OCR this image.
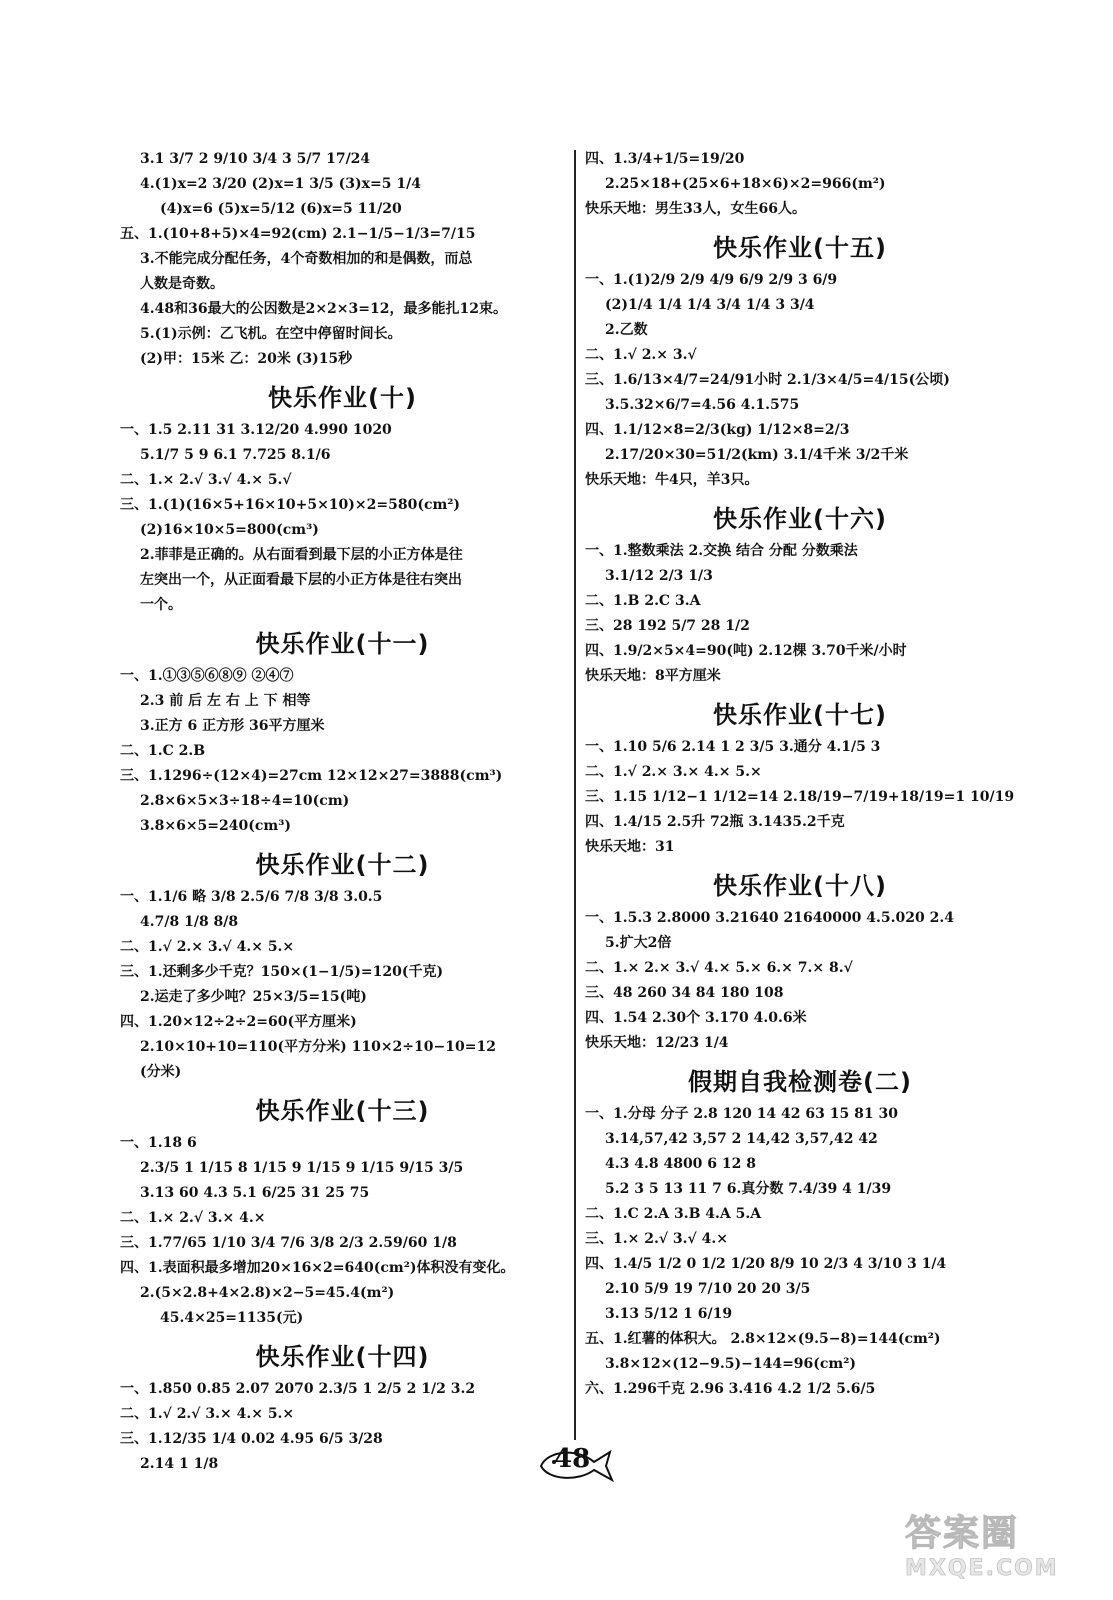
3.1 3/7 2 9/10 3/4 3 5/7 17/24
4.(1)x=2 3/20 (2)x=1 3/5 (3)x=5 1/4
(4)x=6 (5)x=5/12 (6)x=5 11/20
五、1.(10+8+5)×4=92(cm) 2.1−1/5−1/3=7/15
3.不能完成分配任务，4个奇数相加的和是偶数，而总
人数是奇数。
4.48和36最大的公因数是2×2×3=12，最多能扎12束。
5.(1)示例：乙飞机。在空中停留时间长。
(2)甲：15米 乙：20米 (3)15秒
快乐作业(十)
一、1.5 2.11 31 3.12/20 4.990 1020
5.1/7 5 9 6.1 7.725 8.1/6
二、1.× 2.√ 3.√ 4.× 5.√
三、1.(1)(16×5+16×10+5×10)×2=580(cm²)
(2)16×10×5=800(cm³)
2.菲菲是正确的。从右面看到最下层的小正方体是往
左突出一个，从正面看最下层的小正方体是往右突出
一个。
快乐作业(十一)
一、1.①③⑤⑥⑧⑨ ②④⑦
2.3 前 后 左 右 上 下 相等
3.正方 6 正方形 36平方厘米
二、1.C 2.B
三、1.1296÷(12×4)=27cm 12×12×27=3888(cm³)
2.8×6×5×3÷18÷4=10(cm)
3.8×6×5=240(cm³)
快乐作业(十二)
一、1.1/6 略 3/8 2.5/6 7/8 3/8 3.0.5
4.7/8 1/8 8/8
二、1.√ 2.× 3.√ 4.× 5.×
三、1.还剩多少千克？150×(1−1/5)=120(千克)
2.运走了多少吨？25×3/5=15(吨)
四、1.20×12÷2÷2=60(平方厘米)
2.10×10+10=110(平方分米) 110×2÷10−10=12
(分米)
快乐作业(十三)
一、1.18 6
2.3/5 1 1/15 8 1/15 9 1/15 9 1/15 9/15 3/5
3.13 60 4.3 5.1 6/25 31 25 75
二、1.× 2.√ 3.× 4.×
三、1.77/65 1/10 3/4 7/6 3/8 2/3 2.59/60 1/8
四、1.表面积最多增加20×16×2=640(cm²)体积没有变化。
2.(5×2.8+4×2.8)×2−5=45.4(m²)
45.4×25=1135(元)
快乐作业(十四)
一、1.850 0.85 2.07 2070 2.3/5 1 2/5 2 1/2 3.2
二、1.√ 2.√ 3.× 4.× 5.×
三、1.12/35 1/4 0.02 4.95 6/5 3/28
2.14 1 1/8
四、1.3/4+1/5=19/20
2.25×18+(25×6+18×6)×2=966(m²)
快乐天地：男生33人，女生66人。
快乐作业(十五)
一、1.(1)2/9 2/9 4/9 6/9 2/9 3 6/9
(2)1/4 1/4 1/4 3/4 1/4 3 3/4
2.乙数
二、1.√ 2.× 3.√
三、1.6/13×4/7=24/91小时 2.1/3×4/5=4/15(公顷)
3.5.32×6/7=4.56 4.1.575
四、1.1/12×8=2/3(kg) 1/12×8=2/3
2.17/20×30=51/2(km) 3.1/4千米 3/2千米
快乐天地：牛4只，羊3只。
快乐作业(十六)
一、1.整数乘法 2.交换 结合 分配 分数乘法
3.1/12 2/3 1/3
二、1.B 2.C 3.A
三、28 192 5/7 28 1/2
四、1.9/2×5×4=90(吨) 2.12棵 3.70千米/小时
快乐天地：8平方厘米
快乐作业(十七)
一、1.10 5/6 2.14 1 2 3/5 3.通分 4.1/5 3
二、1.√ 2.× 3.× 4.× 5.×
三、1.15 1/12−1 1/12=14 2.18/19−7/19+18/19=1 10/19
四、1.4/15 2.5升 72瓶 3.1435.2千克
快乐天地：31
快乐作业(十八)
一、1.5.3 2.8000 3.21640 21640000 4.5.020 2.4
5.扩大2倍
二、1.× 2.× 3.√ 4.× 5.× 6.× 7.× 8.√
三、48 260 34 84 180 108
四、1.54 2.30个 3.170 4.0.6米
快乐天地：12/23 1/4
假期自我检测卷(二)
一、1.分母 分子 2.8 120 14 42 63 15 81 30
3.14,57,42 3,57 2 14,42 3,57,42 42
4.3 4.8 4800 6 12 8
5.2 3 5 13 11 7 6.真分数 7.4/39 4 1/39
二、1.C 2.A 3.B 4.A 5.A
三、1.× 2.√ 3.√ 4.×
四、1.4/5 1/2 0 1/2 1/20 8/9 10 2/3 4 3/10 3 1/4
2.10 5/9 19 7/10 20 20 3/5
3.13 5/12 1 6/19
五、1.红薯的体积大。 2.8×12×(9.5−8)=144(cm²)
3.8×12×(12−9.5)−144=96(cm²)
六、1.296千克 2.96 3.416 4.2 1/2 5.6/5
48
答案圈
MXQE.COM
